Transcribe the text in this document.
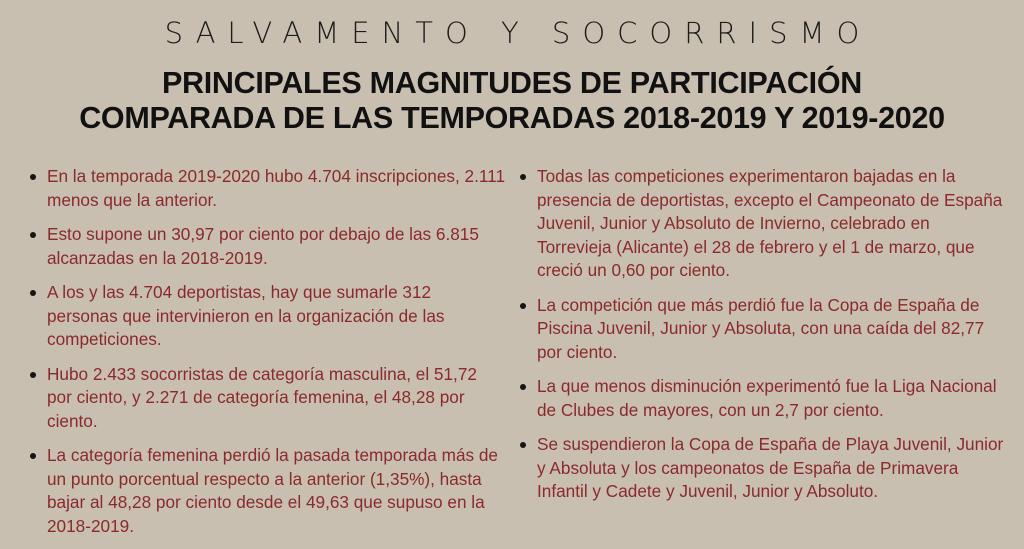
SALVAMENTO Y SOCORRISMO
PRINCIPALES MAGNITUDES DE PARTICIPACIÓN
COMPARADA DE LAS TEMPORADAS 2018-2019 Y 2019-2020
En la temporada 2019-2020 hubo 4.704 inscripciones, 2.111 menos que la anterior.
Esto supone un 30,97 por ciento por debajo de las 6.815 alcanzadas en la 2018-2019.
A los y las 4.704 deportistas, hay que sumarle 312 personas que intervinieron en la organización de las competiciones.
Hubo 2.433 socorristas de categoría masculina, el 51,72 por ciento, y 2.271 de categoría femenina, el 48,28 por ciento.
La categoría femenina perdió la pasada temporada más de un punto porcentual respecto a la anterior (1,35%), hasta bajar al 48,28 por ciento desde el 49,63 que supuso en la 2018-2019.
Todas las competiciones experimentaron bajadas en la presencia de deportistas, excepto el Campeonato de España Juvenil, Junior y Absoluto de Invierno, celebrado en Torrevieja (Alicante) el 28 de febrero y el 1 de marzo, que creció un 0,60 por ciento.
La competición que más perdió fue la Copa de España de Piscina Juvenil, Junior y Absoluta, con una caída del 82,77 por ciento.
La que menos disminución experimentó fue la Liga Nacional de Clubes de mayores, con un 2,7 por ciento.
Se suspendieron la Copa de España de Playa Juvenil, Junior y Absoluta y los campeonatos de España de Primavera Infantil y Cadete y Juvenil, Junior y Absoluto.
